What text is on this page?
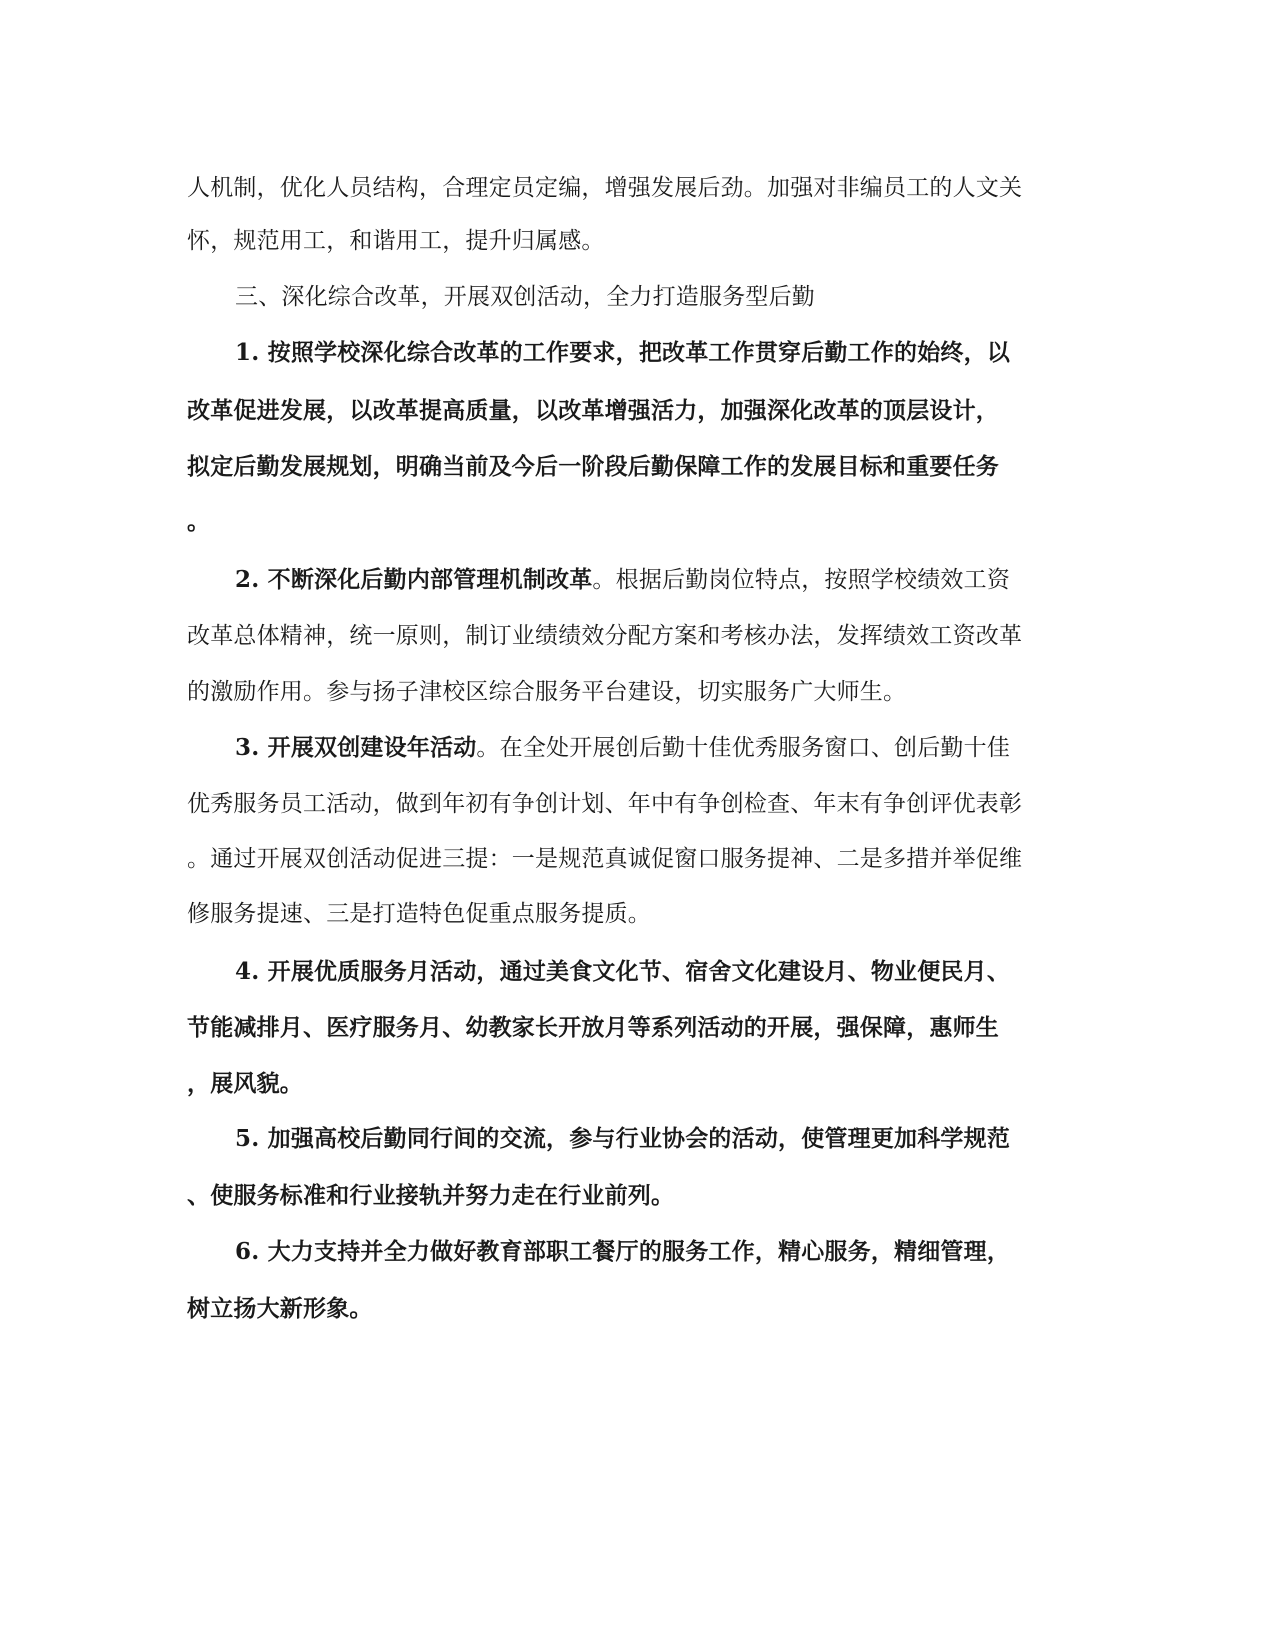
人机制，优化人员结构，合理定员定编，增强发展后劲。加强对非编员工的人文关
怀，规范用工，和谐用工，提升归属感。
三、深化综合改革，开展双创活动，全力打造服务型后勤
1. 按照学校深化综合改革的工作要求，把改革工作贯穿后勤工作的始终，以
改革促进发展，以改革提高质量，以改革增强活力，加强深化改革的顶层设计，
拟定后勤发展规划，明确当前及今后一阶段后勤保障工作的发展目标和重要任务
。
2. 不断深化后勤内部管理机制改革。根据后勤岗位特点，按照学校绩效工资
改革总体精神，统一原则，制订业绩绩效分配方案和考核办法，发挥绩效工资改革
的激励作用。参与扬子津校区综合服务平台建设，切实服务广大师生。
3. 开展双创建设年活动。在全处开展创后勤十佳优秀服务窗口、创后勤十佳
优秀服务员工活动，做到年初有争创计划、年中有争创检查、年末有争创评优表彰
。通过开展双创活动促进三提：一是规范真诚促窗口服务提神、二是多措并举促维
修服务提速、三是打造特色促重点服务提质。
4. 开展优质服务月活动，通过美食文化节、宿舍文化建设月、物业便民月、
节能减排月、医疗服务月、幼教家长开放月等系列活动的开展，强保障，惠师生
，展风貌。
5. 加强高校后勤同行间的交流，参与行业协会的活动，使管理更加科学规范
、使服务标准和行业接轨并努力走在行业前列。
6. 大力支持并全力做好教育部职工餐厅的服务工作，精心服务，精细管理，
树立扬大新形象。
